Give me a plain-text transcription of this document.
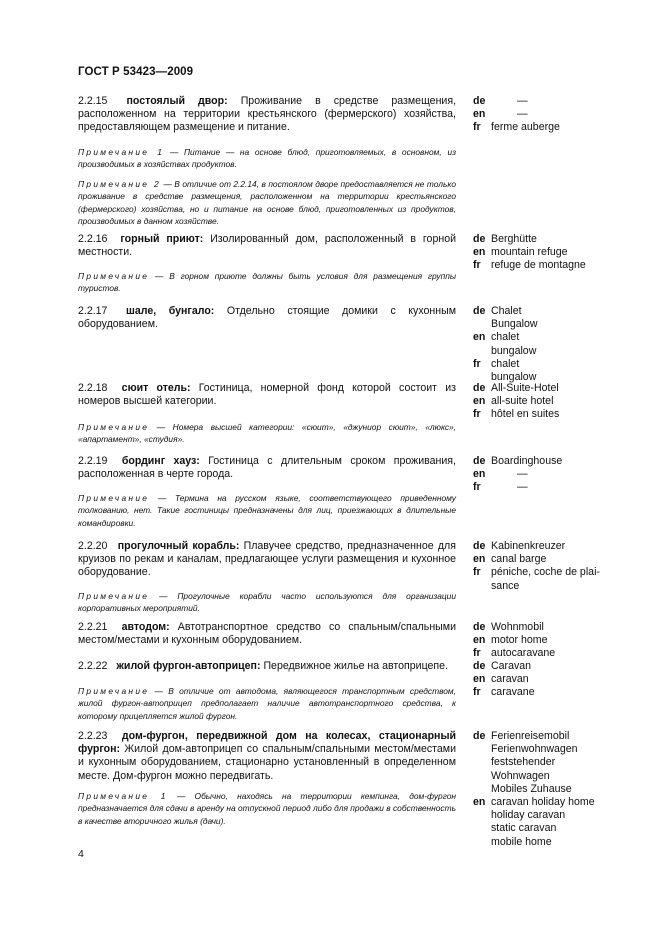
ГОСТ Р 53423—2009
2.2.15 постоялый двор: Проживание в средстве размещения, расположенном на территории крестьянского (фермерского) хозяйства, предоставляющем размещение и питание.
de	—
en	—
fr ferme auberge
Примечание 1 — Питание — на основе блюд, приготовляемых, в основном, из производимых в хозяйствах продуктов.
Примечание 2 — В отличие от 2.2.14, в постоялом дворе предоставляется не только проживание в средстве размещения, расположенном на территории крестьянского (фермерского) хозяйства, но и питание на основе блюд, приготовленных из продуктов, производимых в данном хозяйстве.
2.2.16 горный приют: Изолированный дом, расположенный в горной местности.
de Berghütte
en mountain refuge
fr refuge de montagne
Примечание — В горном приюте должны быть условия для размещения группы туристов.
2.2.17 шале, бунгало: Отдельно стоящие домики с кухонным оборудованием.
de Chalet
Bungalow
en chalet
bungalow
fr chalet
bungalow
2.2.18 сюит отель: Гостиница, номерной фонд которой состоит из номеров высшей категории.
de All-Suite-Hotel
en all-suite hotel
fr hôtel en suites
Примечание — Номера высшей категории: «сюит», «джуниор сюит», «люкс», «апартамент», «студия».
2.2.19 бординг хауз: Гостиница с длительным сроком проживания, расположенная в черте города.
de Boardinghouse
en	—
fr	—
Примечание — Термина на русском языке, соответствующего приведенному толкованию, нет. Такие гостиницы предназначены для лиц, приезжающих в длительные командировки.
2.2.20 прогулочный корабль: Плавучее средство, предназначенное для круизов по рекам и каналам, предлагающее услуги размещения и кухонное оборудование.
de Kabinenkreuzer
en canal barge
fr péniche, coche de plai-
sance
Примечание — Прогулочные корабли часто используются для организации корпоративных мероприятий.
2.2.21 автодом: Автотранспортное средство со спальным/спальными местом/местами и кухонным оборудованием.
de Wohnmobil
en motor home
fr autocaravane
2.2.22 жилой фургон-автоприцеп: Передвижное жилье на автоприцепе.	de Caravan
en caravan
fr caravane
Примечание — В отличие от автодома, являющегося транспортным средством, жилой фургон-автоприцеп предполагает наличие автотранспортного средства, к которому прицепляется жилой фургон.
2.2.23 дом-фургон, передвижной дом на колесах, стационарный фургон: Жилой дом-автоприцеп со спальным/спальными местом/местами и кухонным оборудованием, стационарно установленный в определенном месте. Дом-фургон можно передвигать.
de Ferienreisemobil
Ferienwohnwagen
feststehender
Wohnwagen
Mobiles Zuhause
en caravan holiday home
holiday caravan
static caravan
mobile home
Примечание 1 — Обычно, находясь на территории кемпинга, дом-фургон предназначается для сдачи в аренду на отпускной период либо для продажи в собственность в качестве вторичного жилья (дачи).
4
